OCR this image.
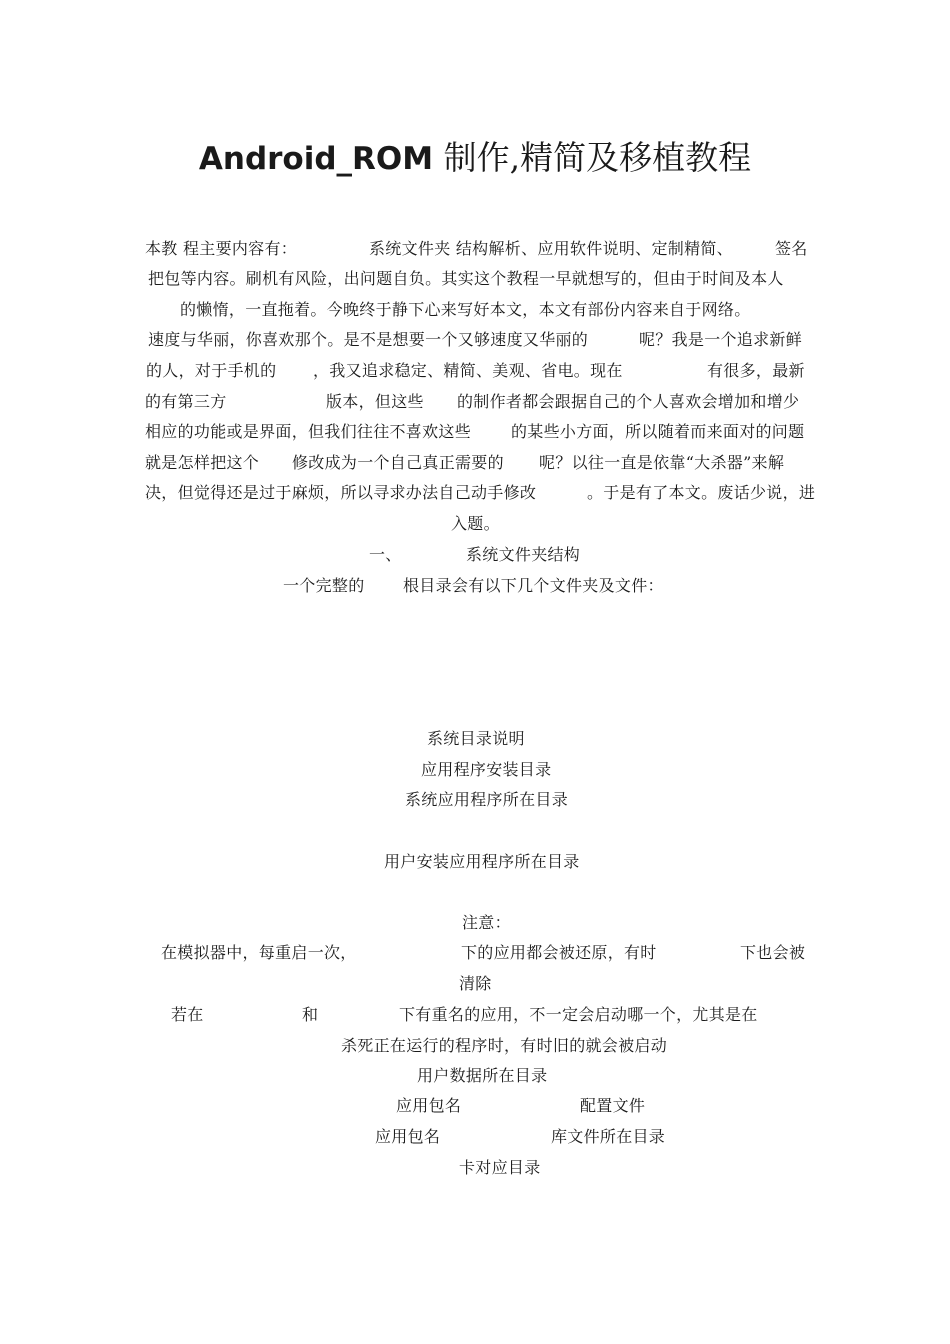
Android_ROM 制作,精简及移植教程
本教 程主要内容有：	系统文件夹 结构解析、应用软件说明、定制精简、	签名
把包等内容。刷机有风险，出问题自负。其实这个教程一早就想写的，但由于时间及本人
的懒惰，一直拖着。今晚终于静下心来写好本文，本文有部份内容来自于网络。
速度与华丽，你喜欢那个。是不是想要一个又够速度又华丽的	呢？我是一个追求新鲜
的人，对于手机的 ，我又追求稳定、精简、美观、省电。现在	有很多，最新
的有第三方	版本，但这些 的制作者都会跟据自己的个人喜欢会增加和增少
相应的功能或是界面，但我们往往不喜欢这些 的某些小方面，所以随着而来面对的问题
就是怎样把这个 修改成为一个自己真正需要的 呢？以往一直是依靠“大杀器”来解
决，但觉得还是过于麻烦，所以寻求办法自己动手修改	。于是有了本文。废话少说，进
入题。
一、	系统文件夹结构
一个完整的 根目录会有以下几个文件夹及文件：
系统目录说明
应用程序安装目录
系统应用程序所在目录
用户安装应用程序所在目录
注意：
在模拟器中，每重启一次，	下的应用都会被还原，有时	下也会被
清除
若在	和	下有重名的应用，不一定会启动哪一个，尤其是在
杀死正在运行的程序时，有时旧的就会被启动
用户数据所在目录
应用包名	配置文件
应用包名	库文件所在目录
卡对应目录
